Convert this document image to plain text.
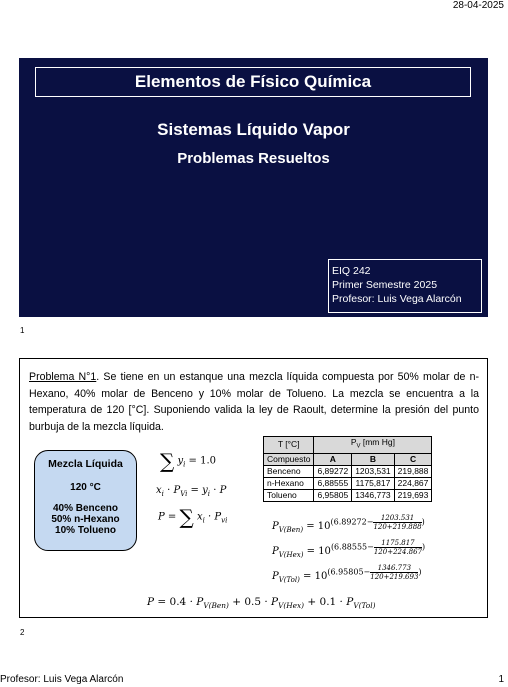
28-04-2025
Elementos de Físico Química
Sistemas Líquido Vapor
Problemas Resueltos
EIQ 242
Primer Semestre 2025
Profesor: Luis Vega Alarcón
1
Problema N°1. Se tiene en un estanque una mezcla líquida compuesta por 50% molar de n-Hexano, 40% molar de Benceno y 10% molar de Tolueno. La mezcla se encuentra a la temperatura de 120 [°C]. Suponiendo valida la ley de Raoult, determine la presión del punto burbuja de la mezcla líquida.
Mezcla Líquida
120 °C
40% Benceno
50% n-Hexano
10% Tolueno
∑ $y_i = 1.0$
$x_i \cdot P_{Vi} = y_i \cdot P$
P = ∑ $x_i \cdot P_{vi}$
T [°C]	$P_V$ [mm Hg]		
Compuesto	A	B	C
Benceno	6,89272	1203,531	219,888
n-Hexano	6,88555	1175,817	224,867
Tolueno	6,95805	1346,773	219,693
$P_{V(Ben)} = 10(6.89272- \frac{1203.531}{120+219.888}$ )
$P_{V(Hex)} = 10(6.88555- \frac{1175.817}{120+224.867}$ )
$P_{V(Tol)} = 10(6.95805- \frac{1346.773}{120+219.693}$ )
$P = 0.4 \cdot P_{V(Ben)} + 0.5 \cdot P_{V(Hex)} + 0.1 \cdot P_{V(Tol)}$
2
Profesor: Luis Vega Alarcón	1
